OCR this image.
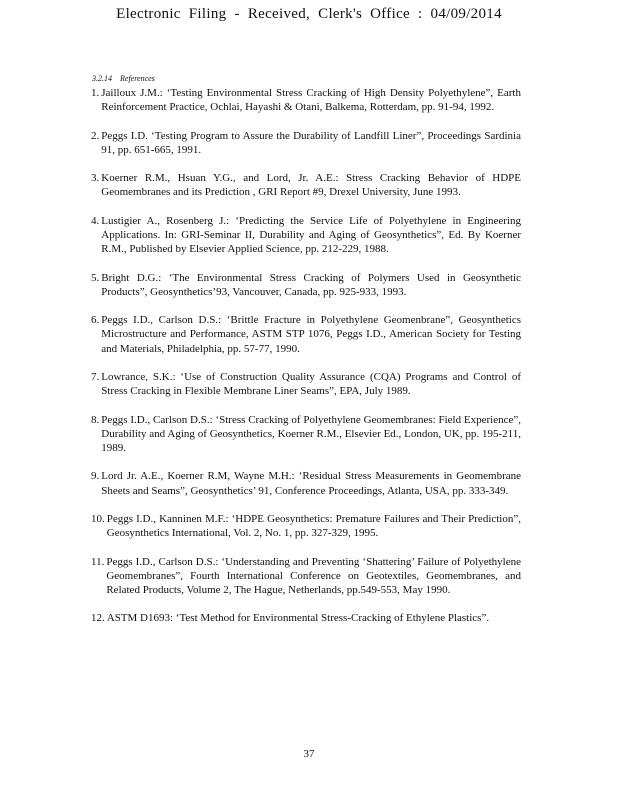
Electronic Filing - Received, Clerk's Office : 04/09/2014
3.2.14 References
1. Jailloux J.M.: ‘Testing Environmental Stress Cracking of High Density Polyethylene”, Earth Reinforcement Practice, Ochlai, Hayashi & Otani, Balkema, Rotterdam, pp. 91-94, 1992.
2. Peggs I.D. ‘Testing Program to Assure the Durability of Landfill Liner”, Proceedings Sardinia 91, pp. 651-665, 1991.
3. Koerner R.M., Hsuan Y.G., and Lord, Jr. A.E.: Stress Cracking Behavior of HDPE Geomembranes and its Prediction , GRI Report #9, Drexel University, June 1993.
4. Lustigier A., Rosenberg J.: ‘Predicting the Service Life of Polyethylene in Engineering Applications. In: GRI-Seminar II, Durability and Aging of Geosynthetics”, Ed. By Koerner R.M., Published by Elsevier Applied Science, pp. 212-229, 1988.
5. Bright D.G.: ‘The Environmental Stress Cracking of Polymers Used in Geosynthetic Products”, Geosynthetics’93, Vancouver, Canada, pp. 925-933, 1993.
6. Peggs I.D., Carlson D.S.: ‘Brittle Fracture in Polyethylene Geomenbrane”, Geosynthetics Microstructure and Performance, ASTM STP 1076, Peggs I.D., American Society for Testing and Materials, Philadelphia, pp. 57-77, 1990.
7. Lowrance, S.K.: ‘Use of Construction Quality Assurance (CQA) Programs and Control of Stress Cracking in Flexible Membrane Liner Seams”, EPA, July 1989.
8. Peggs I.D., Carlson D.S.: ‘Stress Cracking of Polyethylene Geomembranes: Field Experience”, Durability and Aging of Geosynthetics, Koerner R.M., Elsevier Ed., London, UK, pp. 195-211, 1989.
9. Lord Jr. A.E., Koerner R.M, Wayne M.H.: ‘Residual Stress Measurements in Geomembrane Sheets and Seams”, Geosynthetics’ 91, Conference Proceedings, Atlanta, USA, pp. 333-349.
10. Peggs I.D., Kanninen M.F.: ‘HDPE Geosynthetics: Premature Failures and Their Prediction”, Geosynthetics International, Vol. 2, No. 1, pp. 327-329, 1995.
11. Peggs I.D., Carlson D.S.: ‘Understanding and Preventing ‘Shattering’ Failure of Polyethylene Geomembranes”, Fourth International Conference on Geotextiles, Geomembranes, and Related Products, Volume 2, The Hague, Netherlands, pp.549-553, May 1990.
12. ASTM D1693: ‘Test Method for Environmental Stress-Cracking of Ethylene Plastics”.
37
